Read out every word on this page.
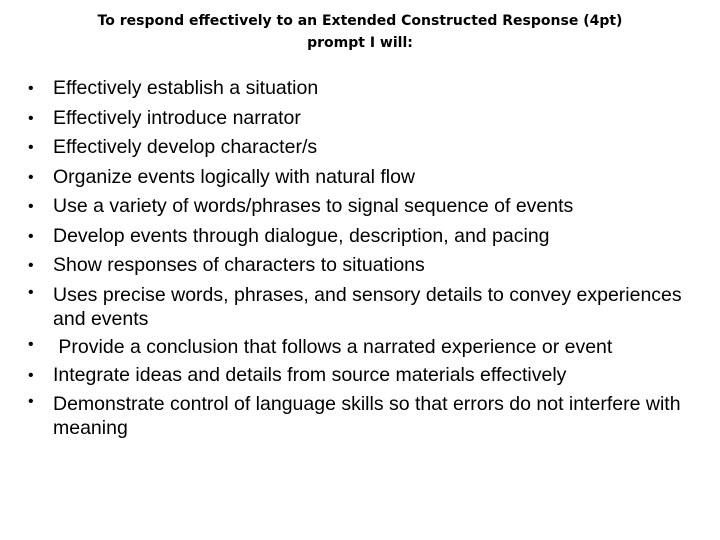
To respond effectively to an Extended Constructed Response (4pt)
prompt I will:
• Effectively establish a situation
• Effectively introduce narrator
• Effectively develop character/s
• Organize events logically with natural flow
• Use a variety of words/phrases to signal sequence of events
• Develop events through dialogue, description, and pacing
• Show responses of characters to situations
• Uses precise words, phrases, and sensory details to convey experiences and events
• Provide a conclusion that follows a narrated experience or event
• Integrate ideas and details from source materials effectively
• Demonstrate control of language skills so that errors do not interfere with meaning
